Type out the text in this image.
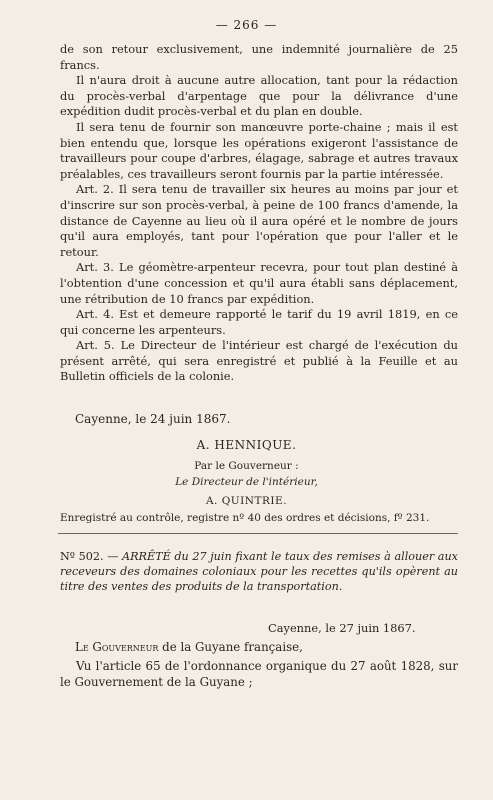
— 266 —

de son retour exclusivement, une indemnité journalière de 25 francs.

Il n'aura droit à aucune autre allocation, tant pour la rédaction du procès-verbal d'arpentage que pour la délivrance d'une expédition dudit procès-verbal et du plan en double.

Il sera tenu de fournir son manœuvre porte-chaine ; mais il est bien entendu que, lorsque les opérations exigeront l'assistance de travailleurs pour coupe d'arbres, élagage, sabrage et autres travaux préalables, ces travailleurs seront fournis par la partie intéressée.

Art. 2. Il sera tenu de travailler six heures au moins par jour et d'inscrire sur son procès-verbal, à peine de 100 francs d'amende, la distance de Cayenne au lieu où il aura opéré et le nombre de jours qu'il aura employés, tant pour l'opération que pour l'aller et le retour.

Art. 3. Le géomètre-arpenteur recevra, pour tout plan destiné à l'obtention d'une concession et qu'il aura établi sans déplacement, une rétribution de 10 francs par expédition.

Art. 4. Est et demeure rapporté le tarif du 19 avril 1819, en ce qui concerne les arpenteurs.

Art. 5. Le Directeur de l'intérieur est chargé de l'exécution du présent arrêté, qui sera enregistré et publié à la Feuille et au Bulletin officiels de la colonie.

Cayenne, le 24 juin 1867.
A. HENNIQUE.
Par le Gouverneur :
Le Directeur de l'intérieur,
A. QUINTRIE.
Enregistré au contrôle, registre nº 40 des ordres et décisions, fº 231.
Nº 502. — ARRÊTÉ du 27 juin fixant le taux des remises à allouer aux receveurs des domaines coloniaux pour les recettes qu'ils opèrent au titre des ventes des produits de la transportation.
Cayenne, le 27 juin 1867.
Le Gouverneur de la Guyane française,
Vu l'article 65 de l'ordonnance organique du 27 août 1828, sur le Gouvernement de la Guyane ;
